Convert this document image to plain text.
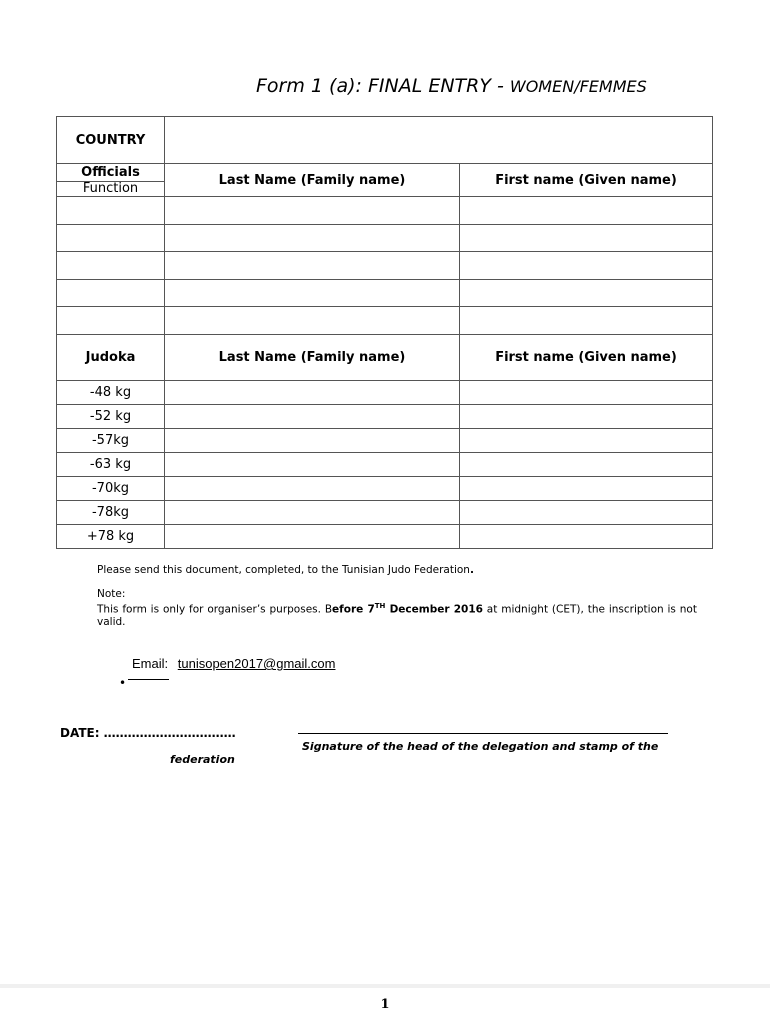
Form 1 (a): FINAL ENTRY - WOMEN/FEMMES
COUNTRY		

Officials
Function	Last Name (Family name)	First name (Given name)

Judoka	Last Name (Family name)	First name (Given name)
-48 kg		
-52 kg		
-57kg		
-63 kg		
-70kg		
-78kg		
+78 kg		

Please send this document, completed, to the Tunisian Judo Federation.

Note:

This form is only for organiser’s purposes. Before 7TH December 2016 at midnight (CET), the inscription is not valid.

Email: tunisopen2017@gmail.com
•
DATE: ……………………………
Signature of the head of the delegation and stamp of the
federation
1
